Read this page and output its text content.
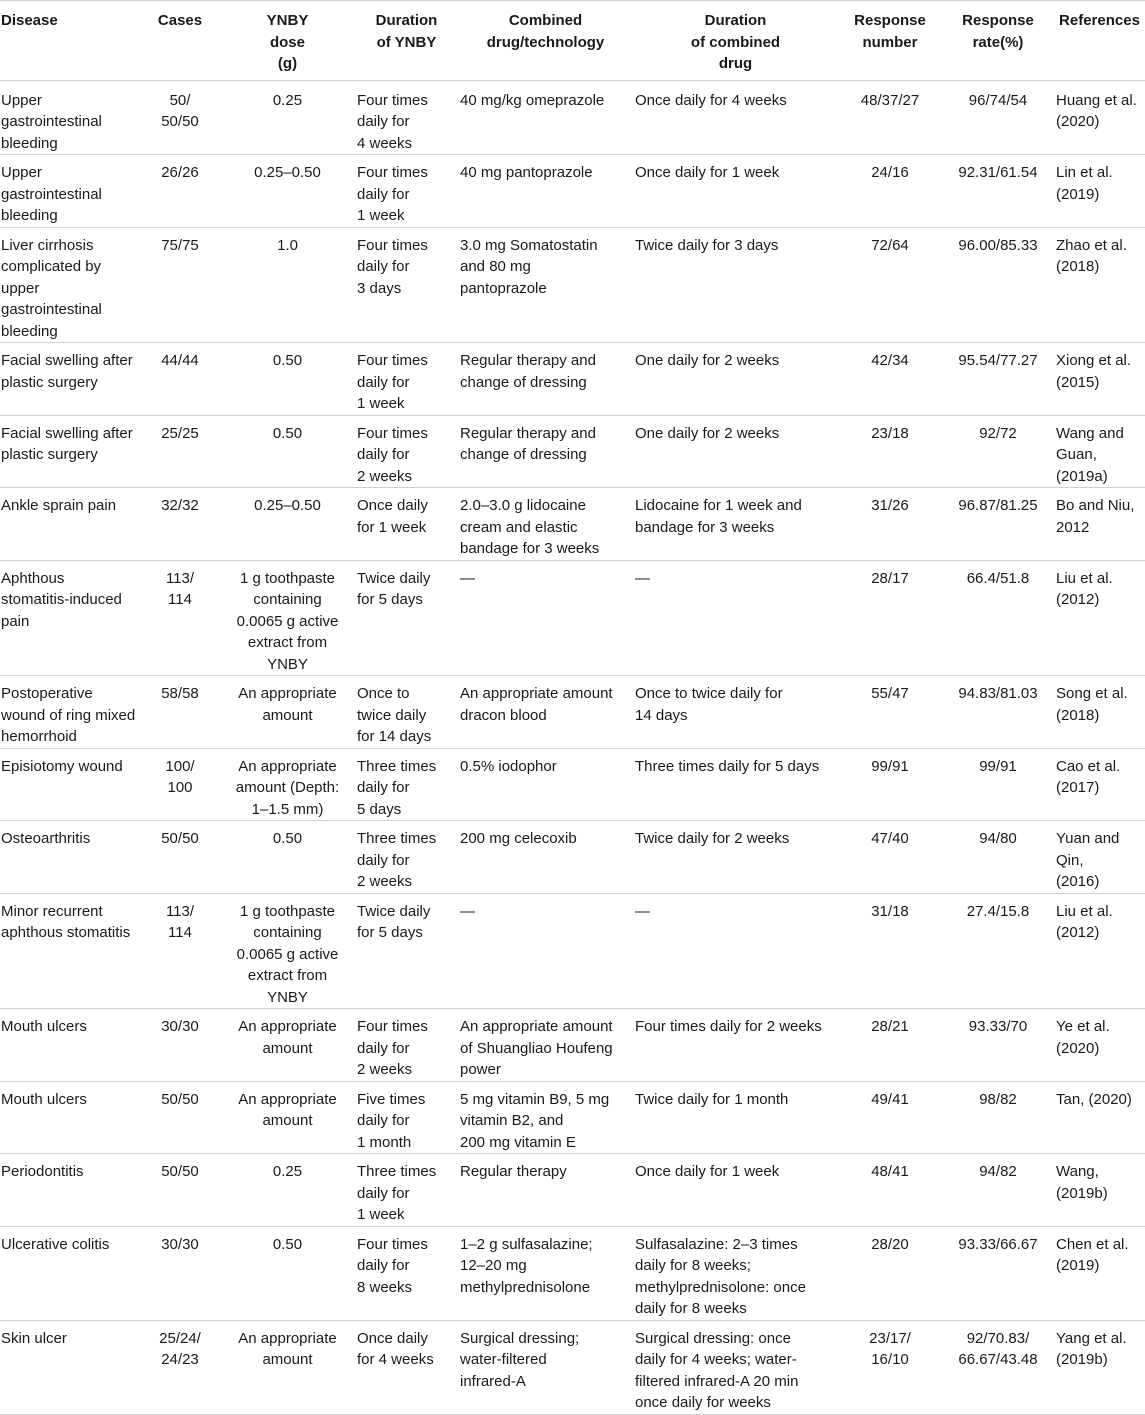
Disease	Cases	YNBY
dose
(g)	Duration
of YNBY	Combined
drug/technology	Duration
of combined
drug	Response
number	Response
rate(%)	References
Upper
gastrointestinal
bleeding	50/
50/50	0.25	Four times
daily for
4 weeks	40 mg/kg omeprazole	Once daily for 4 weeks	48/37/27	96/74/54	Huang et al.
(2020)
Upper
gastrointestinal
bleeding	26/26	0.25–0.50	Four times
daily for
1 week	40 mg pantoprazole	Once daily for 1 week	24/16	92.31/61.54	Lin et al.
(2019)
Liver cirrhosis
complicated by
upper
gastrointestinal
bleeding	75/75	1.0	Four times
daily for
3 days	3.0 mg Somatostatin
and 80 mg
pantoprazole	Twice daily for 3 days	72/64	96.00/85.33	Zhao et al.
(2018)
Facial swelling after
plastic surgery	44/44	0.50	Four times
daily for
1 week	Regular therapy and
change of dressing	One daily for 2 weeks	42/34	95.54/77.27	Xiong et al.
(2015)
Facial swelling after
plastic surgery	25/25	0.50	Four times
daily for
2 weeks	Regular therapy and
change of dressing	One daily for 2 weeks	23/18	92/72	Wang and
Guan,
(2019a)
Ankle sprain pain	32/32	0.25–0.50	Once daily
for 1 week	2.0–3.0 g lidocaine
cream and elastic
bandage for 3 weeks	Lidocaine for 1 week and
bandage for 3 weeks	31/26	96.87/81.25	Bo and Niu,
2012
Aphthous
stomatitis-induced
pain	113/
114	1 g toothpaste
containing
0.0065 g active
extract from
YNBY	Twice daily
for 5 days	—	—	28/17	66.4/51.8	Liu et al.
(2012)
Postoperative
wound of ring mixed
hemorrhoid	58/58	An appropriate
amount	Once to
twice daily
for 14 days	An appropriate amount
dracon blood	Once to twice daily for
14 days	55/47	94.83/81.03	Song et al.
(2018)
Episiotomy wound	100/
100	An appropriate
amount (Depth:
1–1.5 mm)	Three times
daily for
5 days	0.5% iodophor	Three times daily for 5 days	99/91	99/91	Cao et al.
(2017)
Osteoarthritis	50/50	0.50	Three times
daily for
2 weeks	200 mg celecoxib	Twice daily for 2 weeks	47/40	94/80	Yuan and Qin,
(2016)
Minor recurrent
aphthous stomatitis	113/
114	1 g toothpaste
containing
0.0065 g active
extract from
YNBY	Twice daily
for 5 days	—	—	31/18	27.4/15.8	Liu et al.
(2012)
Mouth ulcers	30/30	An appropriate
amount	Four times
daily for
2 weeks	An appropriate amount
of Shuangliao Houfeng
power	Four times daily for 2 weeks	28/21	93.33/70	Ye et al.
(2020)
Mouth ulcers	50/50	An appropriate
amount	Five times
daily for
1 month	5 mg vitamin B9, 5 mg
vitamin B2, and
200 mg vitamin E	Twice daily for 1 month	49/41	98/82	Tan, (2020)
Periodontitis	50/50	0.25	Three times
daily for
1 week	Regular therapy	Once daily for 1 week	48/41	94/82	Wang,
(2019b)
Ulcerative colitis	30/30	0.50	Four times
daily for
8 weeks	1–2 g sulfasalazine;
12–20 mg
methylprednisolone	Sulfasalazine: 2–3 times
daily for 8 weeks;
methylprednisolone: once
daily for 8 weeks	28/20	93.33/66.67	Chen et al.
(2019)
Skin ulcer	25/24/
24/23	An appropriate
amount	Once daily
for 4 weeks	Surgical dressing;
water-filtered
infrared-A	Surgical dressing: once
daily for 4 weeks; water-
filtered infrared-A 20 min
once daily for weeks	23/17/
16/10	92/70.83/
66.67/43.48	Yang et al.
(2019b)
